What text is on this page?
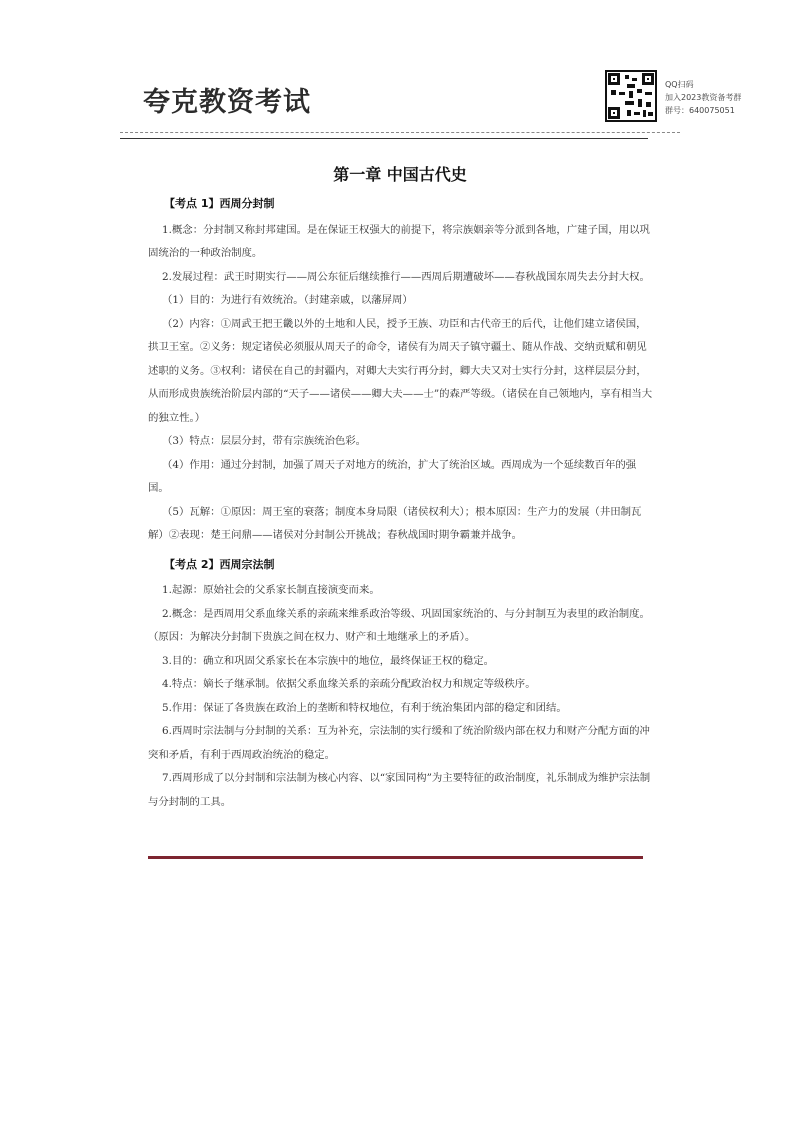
夸克教资考试
QQ扫码
加入2023教资备考群
群号：640075051
第一章 中国古代史

【考点 1】西周分封制

1.概念：分封制又称封邦建国。是在保证王权强大的前提下，将宗族姻亲等分派到各地，广建子国，用以巩固统治的一种政治制度。

2.发展过程：武王时期实行——周公东征后继续推行——西周后期遭破坏——春秋战国东周失去分封大权。

（1）目的：为进行有效统治。（封建亲戚，以藩屏周）

（2）内容：①周武王把王畿以外的土地和人民，授予王族、功臣和古代帝王的后代，让他们建立诸侯国，拱卫王室。②义务：规定诸侯必须服从周天子的命令，诸侯有为周天子镇守疆土、随从作战、交纳贡赋和朝见述职的义务。③权利：诸侯在自己的封疆内，对卿大夫实行再分封，卿大夫又对士实行分封，这样层层分封，从而形成贵族统治阶层内部的“天子——诸侯——卿大夫——士”的森严等级。（诸侯在自己领地内，享有相当大的独立性。）

（3）特点：层层分封，带有宗族统治色彩。

（4）作用：通过分封制，加强了周天子对地方的统治，扩大了统治区域。西周成为一个延续数百年的强国。

（5）瓦解：①原因：周王室的衰落；制度本身局限（诸侯权利大）；根本原因：生产力的发展（井田制瓦解）②表现：楚王问鼎——诸侯对分封制公开挑战；春秋战国时期争霸兼并战争。

【考点 2】西周宗法制

1.起源：原始社会的父系家长制直接演变而来。

2.概念：是西周用父系血缘关系的亲疏来维系政治等级、巩固国家统治的、与分封制互为表里的政治制度。（原因：为解决分封制下贵族之间在权力、财产和土地继承上的矛盾）。

3.目的：确立和巩固父系家长在本宗族中的地位，最终保证王权的稳定。

4.特点：嫡长子继承制。依据父系血缘关系的亲疏分配政治权力和规定等级秩序。

5.作用：保证了各贵族在政治上的垄断和特权地位，有利于统治集团内部的稳定和团结。

6.西周时宗法制与分封制的关系：互为补充，宗法制的实行缓和了统治阶级内部在权力和财产分配方面的冲突和矛盾，有利于西周政治统治的稳定。

7.西周形成了以分封制和宗法制为核心内容、以“家国同构”为主要特征的政治制度，礼乐制成为维护宗法制与分封制的工具。
